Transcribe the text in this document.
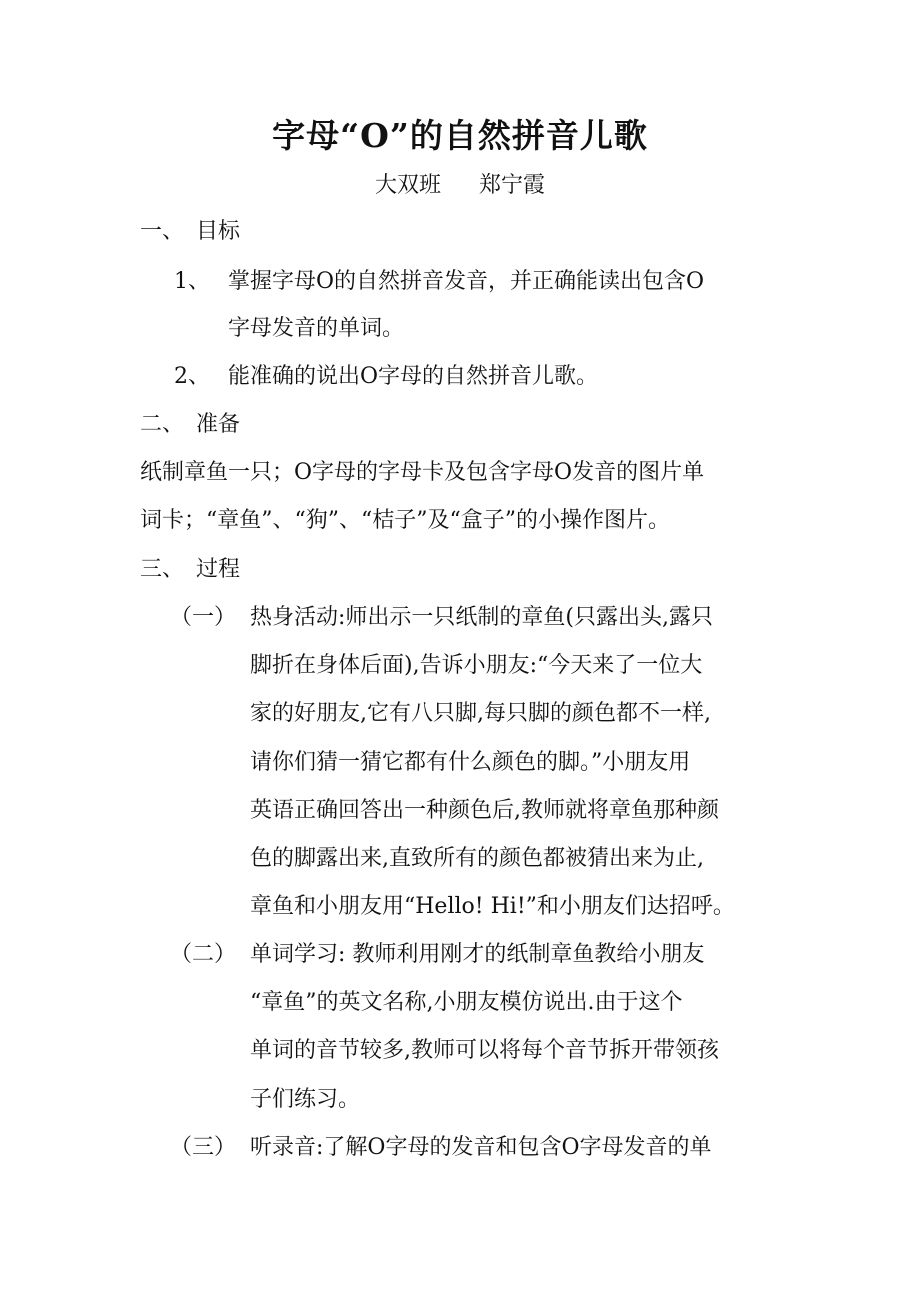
字母“O”的自然拼音儿歌
大双班 郑宁霞
一、 目标
1、 掌握字母O的自然拼音发音，并正确能读出包含O
字母发音的单词。
2、 能准确的说出O字母的自然拼音儿歌。
二、 准备
纸制章鱼一只；O字母的字母卡及包含字母O发音的图片单
词卡；“章鱼”、“狗”、“桔子”及“盒子”的小操作图片。
三、 过程
（一） 热身活动:师出示一只纸制的章鱼(只露出头,露只
脚折在身体后面),告诉小朋友:“今天来了一位大
家的好朋友,它有八只脚,每只脚的颜色都不一样,
请你们猜一猜它都有什么颜色的脚。”小朋友用
英语正确回答出一种颜色后,教师就将章鱼那种颜
色的脚露出来,直致所有的颜色都被猜出来为止,
章鱼和小朋友用“Hello! Hi!”和小朋友们达招呼。
（二） 单词学习: 教师利用刚才的纸制章鱼教给小朋友
“章鱼”的英文名称,小朋友模仿说出.由于这个
单词的音节较多,教师可以将每个音节拆开带领孩
子们练习。
（三） 听录音:了解O字母的发音和包含O字母发音的单
